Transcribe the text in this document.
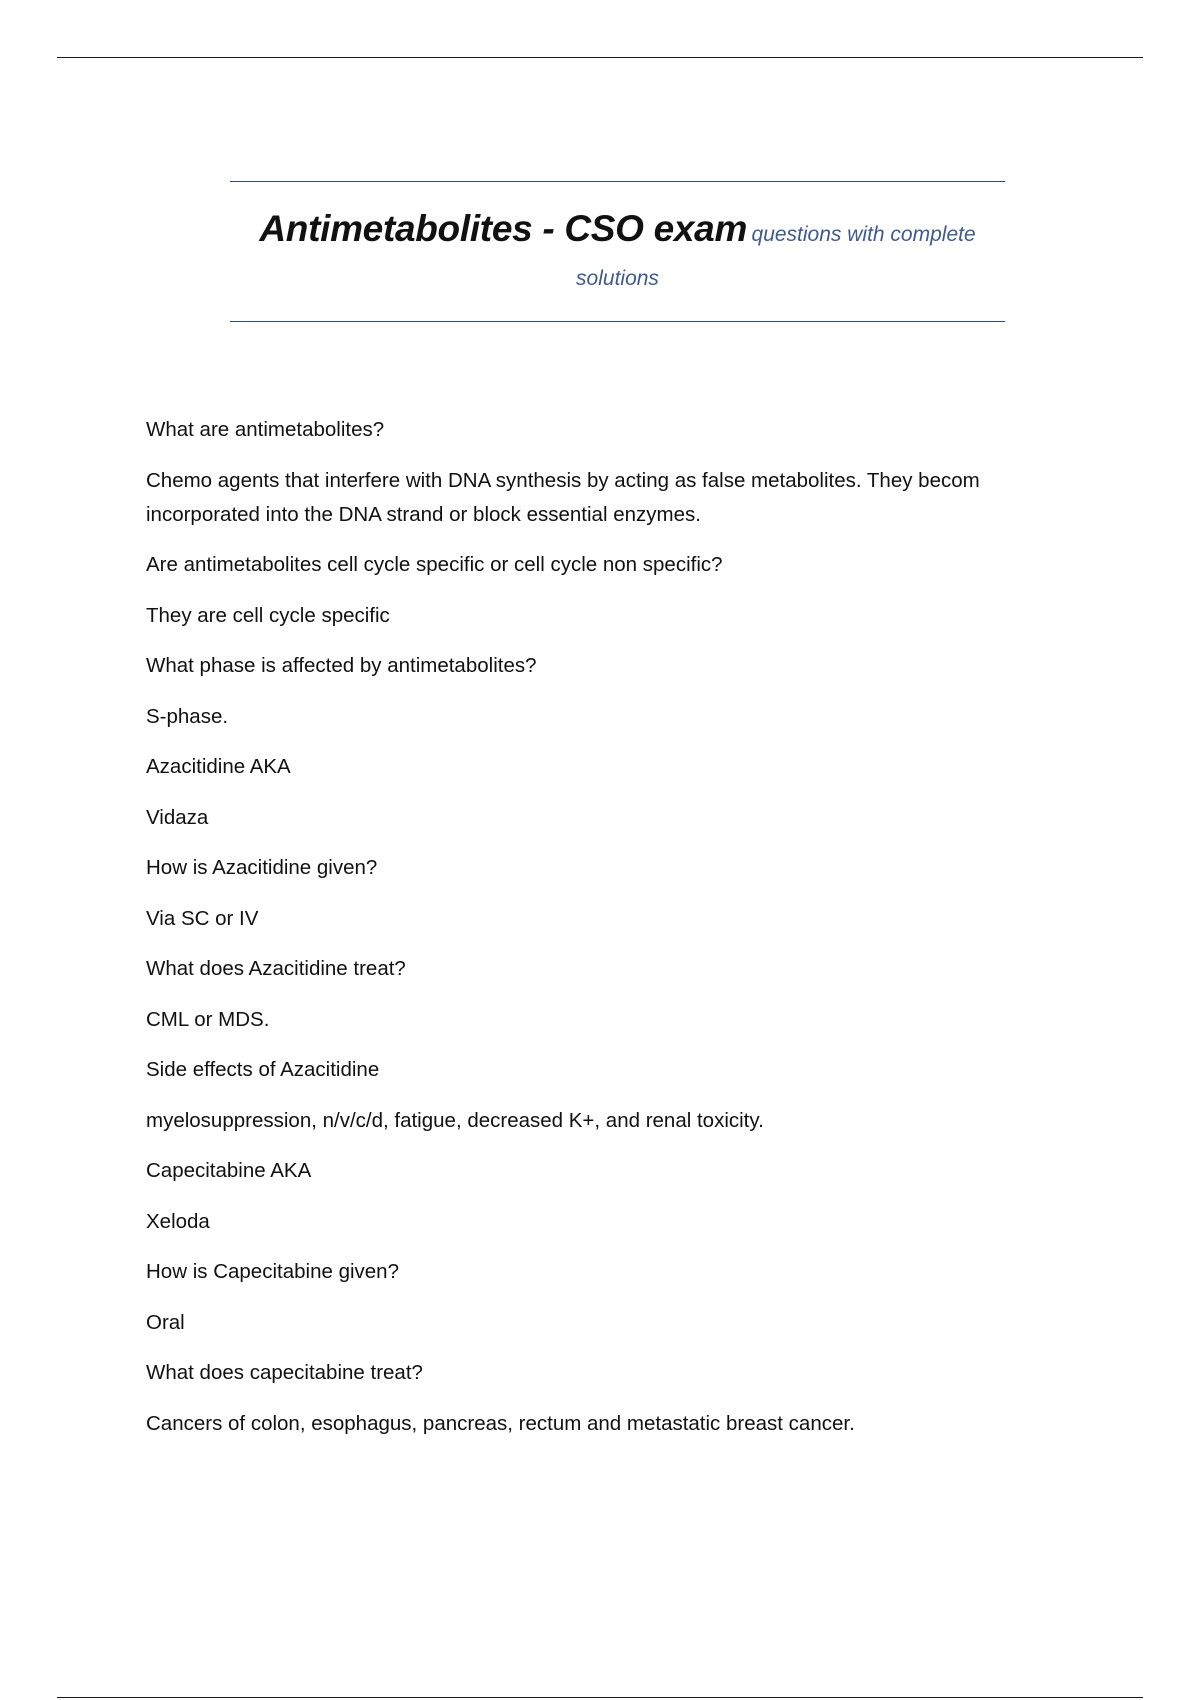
Antimetabolites - CSO exam questions with complete solutions
What are antimetabolites?
Chemo agents that interfere with DNA synthesis by acting as false metabolites. They becom incorporated into the DNA strand or block essential enzymes.
Are antimetabolites cell cycle specific or cell cycle non specific?
They are cell cycle specific
What phase is affected by antimetabolites?
S-phase.
Azacitidine AKA
Vidaza
How is Azacitidine given?
Via SC or IV
What does Azacitidine treat?
CML or MDS.
Side effects of Azacitidine
myelosuppression, n/v/c/d, fatigue, decreased K+, and renal toxicity.
Capecitabine AKA
Xeloda
How is Capecitabine given?
Oral
What does capecitabine treat?
Cancers of colon, esophagus, pancreas, rectum and metastatic breast cancer.
